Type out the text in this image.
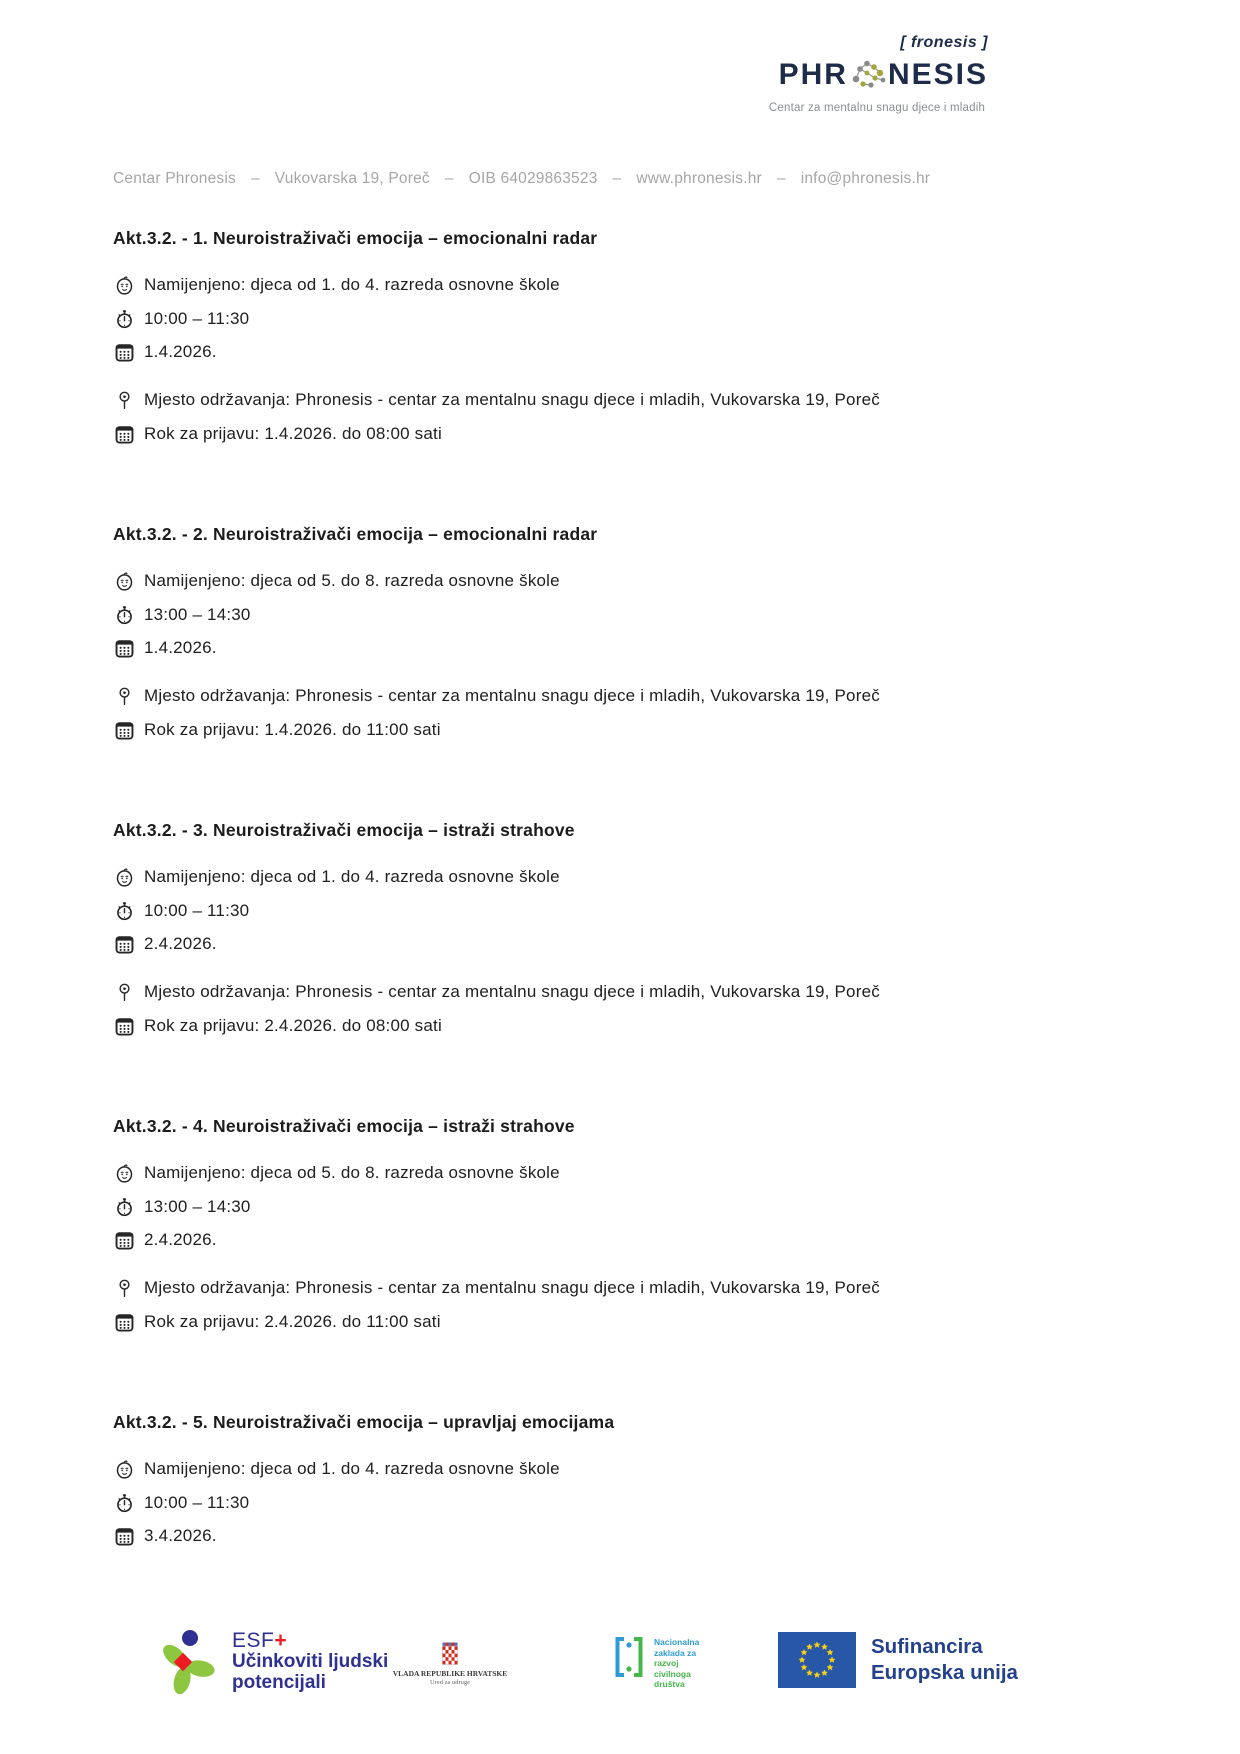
[ fronesis ]
PHR NESIS
Centar za mentalnu snagu djece i mladih
Centar Phronesis – Vukovarska 19, Poreč – OIB 64029863523 – www.phronesis.hr – info@phronesis.hr
Akt.3.2. - 1. Neuroistraživači emocija – emocionalni radar
Namijenjeno: djeca od 1. do 4. razreda osnovne škole
10:00 – 11:30
1.4.2026.
Mjesto održavanja: Phronesis - centar za mentalnu snagu djece i mladih, Vukovarska 19, Poreč
Rok za prijavu: 1.4.2026. do 08:00 sati
Akt.3.2. - 2. Neuroistraživači emocija – emocionalni radar
Namijenjeno: djeca od 5. do 8. razreda osnovne škole
13:00 – 14:30
1.4.2026.
Mjesto održavanja: Phronesis - centar za mentalnu snagu djece i mladih, Vukovarska 19, Poreč
Rok za prijavu: 1.4.2026. do 11:00 sati
Akt.3.2. - 3. Neuroistraživači emocija – istraži strahove
Namijenjeno: djeca od 1. do 4. razreda osnovne škole
10:00 – 11:30
2.4.2026.
Mjesto održavanja: Phronesis - centar za mentalnu snagu djece i mladih, Vukovarska 19, Poreč
Rok za prijavu: 2.4.2026. do 08:00 sati
Akt.3.2. - 4. Neuroistraživači emocija – istraži strahove
Namijenjeno: djeca od 5. do 8. razreda osnovne škole
13:00 – 14:30
2.4.2026.
Mjesto održavanja: Phronesis - centar za mentalnu snagu djece i mladih, Vukovarska 19, Poreč
Rok za prijavu: 2.4.2026. do 11:00 sati
Akt.3.2. - 5. Neuroistraživači emocija – upravljaj emocijama
Namijenjeno: djeca od 1. do 4. razreda osnovne škole
10:00 – 11:30
3.4.2026.
ESF+
Učinkoviti ljudski
potencijali	VLADA REPUBLIKE HRVATSKE
Ured za udruge
Nacionalna
zaklada za
razvoj
civilnoga
društva
Sufinancira
Europska unija
